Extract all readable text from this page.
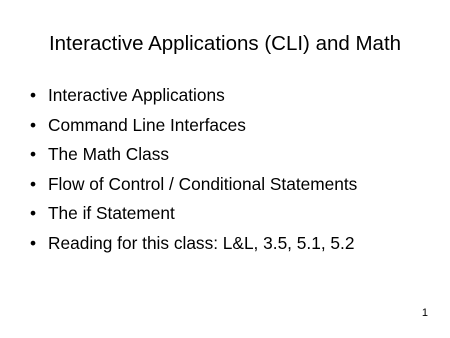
Interactive Applications (CLI) and Math
• Interactive Applications
• Command Line Interfaces
• The Math Class
• Flow of Control / Conditional Statements
• The if Statement
• Reading for this class: L&L, 3.5, 5.1, 5.2
1
